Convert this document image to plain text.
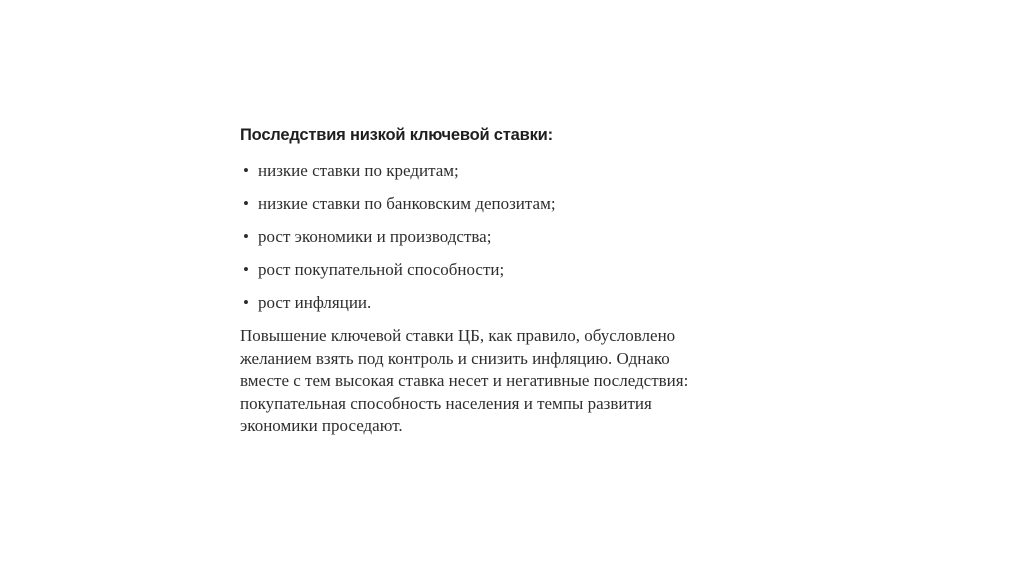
Последствия низкой ключевой ставки:
• низкие ставки по кредитам;
• низкие ставки по банковским депозитам;
• рост экономики и производства;
• рост покупательной способности;
• рост инфляции.

Повышение ключевой ставки ЦБ, как правило, обусловлено
желанием взять под контроль и снизить инфляцию. Однако
вместе с тем высокая ставка несет и негативные последствия:
покупательная способность населения и темпы развития
экономики проседают.
